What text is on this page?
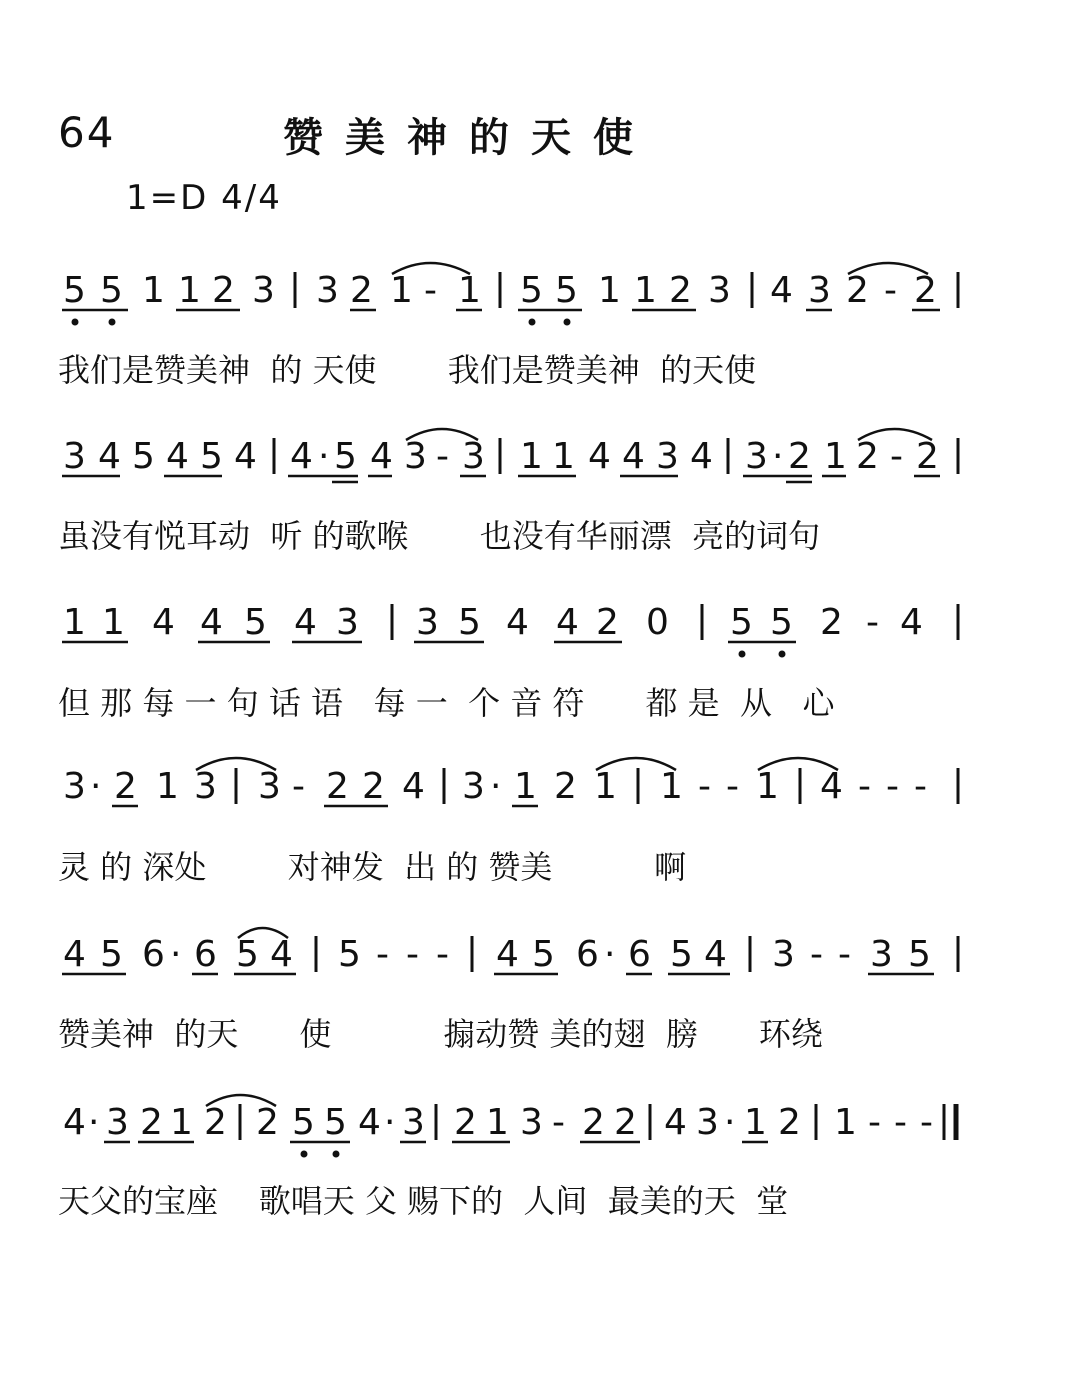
64	赞美神的天使
1=D 4/4
5 5 1 1 2 3 3 2 1 - 1 5 5 1 1 2 3 4 3 2 - 2
我们是赞美神  的 天使       我们是赞美神  的天使
3 4 5 4 5 4 4 · 5 4 3 - 3 1 1 4 4 3 4 3 · 2 1 2 - 2
虽没有悦耳动  听 的歌喉       也没有华丽漂  亮的词句
1 1 4 4 5 4 3 3 5 4 4 2 0 5 5 2 - 4
但 那 每 一 句 话 语   每 一  个 音 符      都 是  从   心
3 · 2 1 3 3 - 2 2 4 3 · 1 2 1 1 - - 1 4 - - -
灵 的 深处        对神发  出 的 赞美          啊
4 5 6 · 6 5 4 5 - - - 4 5 6 · 6 5 4 3 - - 3 5
赞美神  的天      使           搧动赞 美的翅  膀      环绕
4 · 3 2 1 2 2 5 5 4 · 3 2 1 3 - 2 2 4 3 · 1 2 1 - - -
天父的宝座    歌唱天 父 赐下的  人间  最美的天  堂
